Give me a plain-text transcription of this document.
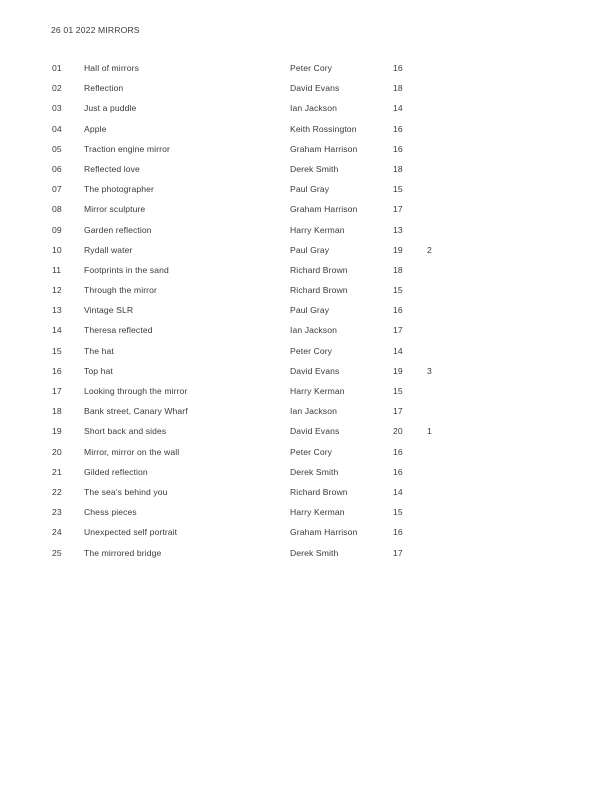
26 01 2022 MIRRORS
01	Hall of mirrors	Peter Cory	16
02	Reflection	David Evans	18
03	Just a puddle	Ian Jackson	14
04	Apple	Keith Rossington	16
05	Traction engine mirror	Graham Harrison	16
06	Reflected love	Derek Smith	18
07	The photographer	Paul Gray	15
08	Mirror sculpture	Graham Harrison	17
09	Garden reflection	Harry Kerman	13
10	Rydall water	Paul Gray	19	2
11	Footprints in the sand	Richard Brown	18
12	Through the mirror	Richard Brown	15
13	Vintage SLR	Paul Gray	16
14	Theresa reflected	Ian Jackson	17
15	The hat	Peter Cory	14
16	Top hat	David Evans	19	3
17	Looking through the mirror	Harry Kerman	15
18	Bank street, Canary Wharf	Ian Jackson	17
19	Short back and sides	David Evans	20	1
20	Mirror, mirror on the wall	Peter Cory	16
21	Gilded reflection	Derek Smith	16
22	The sea’s behind you	Richard Brown	14
23	Chess pieces	Harry Kerman	15
24	Unexpected self portrait	Graham Harrison	16
25	The mirrored bridge	Derek Smith	17
